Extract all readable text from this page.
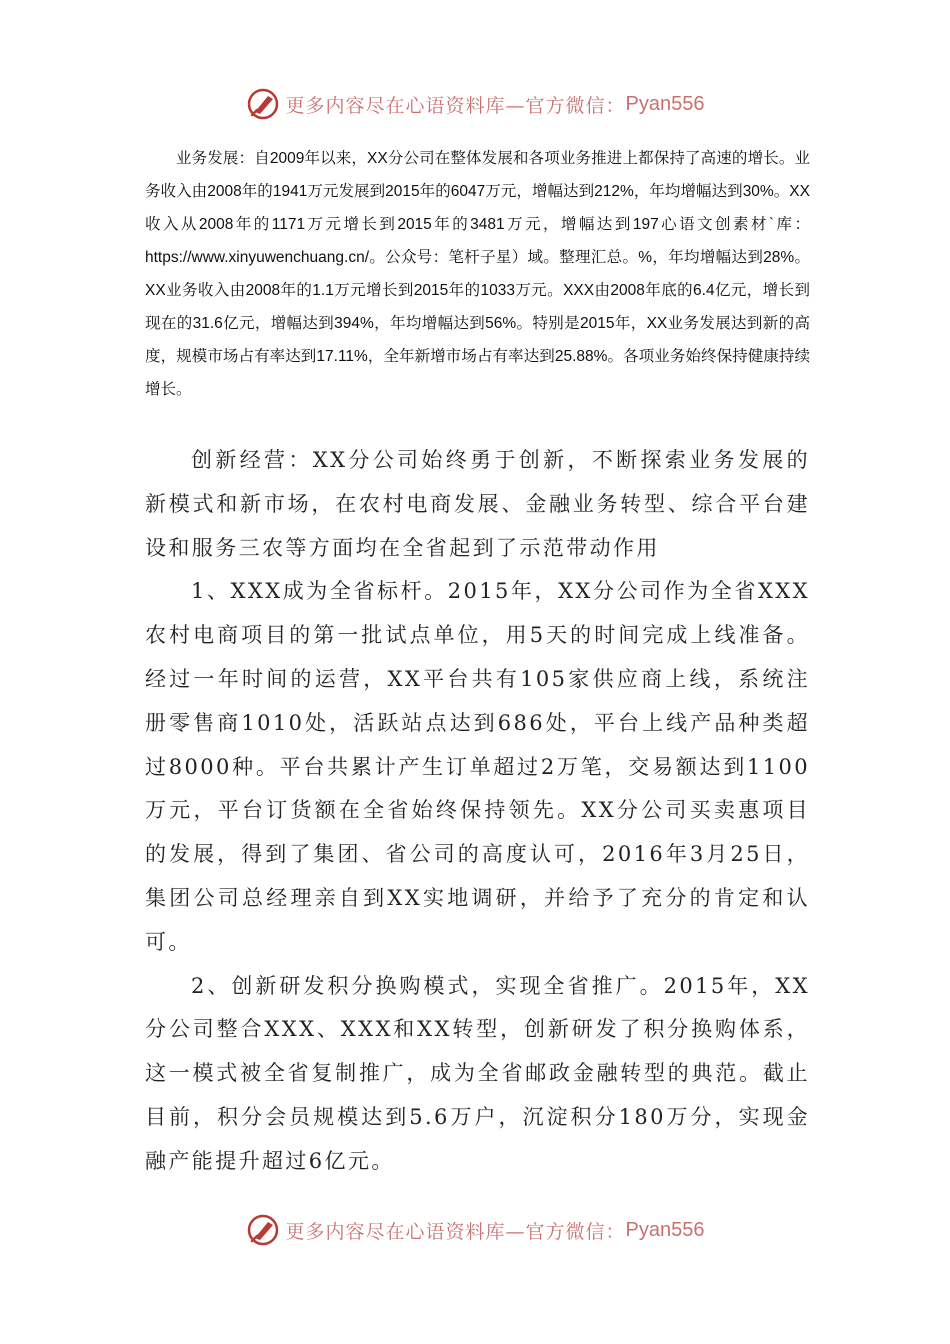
更多内容尽在心语资料库—官方微信： Pyan556

业务发展：自2009年以来，XX分公司在整体发展和各项业务推进上都保持了高速的增长。业务收入由2008年的1941万元发展到2015年的6047万元，增幅达到212%，年均增幅达到30%。XX收入从2008年的1171万元增长到2015年的3481万元，增幅达到197心语文创素材`库：https://www.xinyuwenchuang.cn/。公众号：笔杆子星）域。整理汇总。%，年均增幅达到28%。XX业务收入由2008年的1.1万元增长到2015年的1033万元。XXX由2008年底的6.4亿元，增长到现在的31.6亿元，增幅达到394%，年均增幅达到56%。特别是2015年，XX业务发展达到新的高度，规模市场占有率达到17.11%，全年新增市场占有率达到25.88%。各项业务始终保持健康持续增长。

创新经营：XX分公司始终勇于创新，不断探索业务发展的新模式和新市场，在农村电商发展、金融业务转型、综合平台建设和服务三农等方面均在全省起到了示范带动作用

1、XXX成为全省标杆。2015年，XX分公司作为全省XXX农村电商项目的第一批试点单位，用5天的时间完成上线准备。经过一年时间的运营，XX平台共有105家供应商上线，系统注册零售商1010处，活跃站点达到686处，平台上线产品种类超过8000种。平台共累计产生订单超过2万笔，交易额达到1100万元，平台订货额在全省始终保持领先。XX分公司买卖惠项目的发展，得到了集团、省公司的高度认可，2016年3月25日，集团公司总经理亲自到XX实地调研，并给予了充分的肯定和认可。

2、创新研发积分换购模式，实现全省推广。2015年，XX分公司整合XXX、XXX和XX转型，创新研发了积分换购体系，这一模式被全省复制推广，成为全省邮政金融转型的典范。截止目前，积分会员规模达到5.6万户，沉淀积分180万分，实现金融产能提升超过6亿元。

更多内容尽在心语资料库—官方微信： Pyan556
